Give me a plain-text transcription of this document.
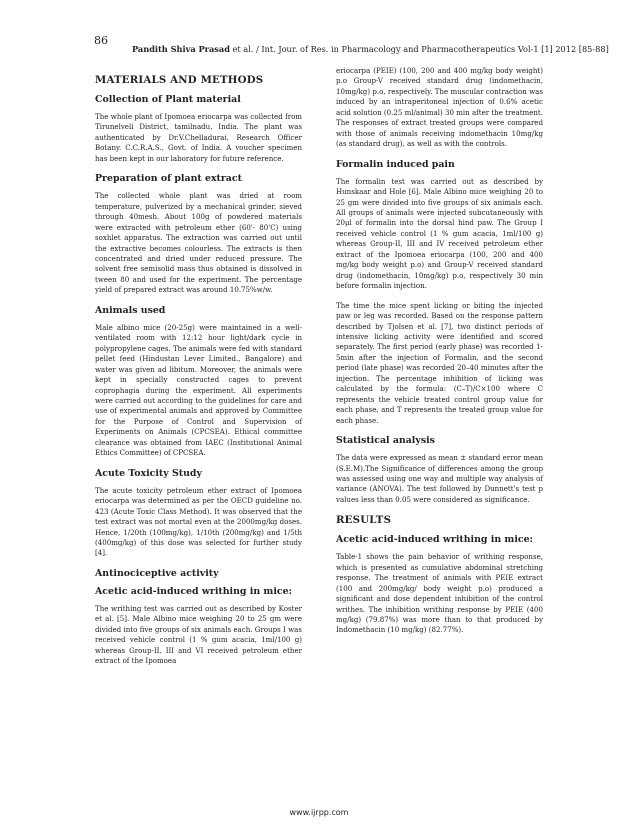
86
Pandith Shiva Prasad et al. / Int. Jour. of Res. in Pharmacology and Pharmacotherapeutics Vol-1 [1] 2012 [85-88]
MATERIALS AND METHODS
Collection of Plant material

The whole plant of Ipomoea eriocarpa was collected from Tirunelveli District, tamilnadu, India. The plant was authenticated by Dr.V.Chelladurai, Research Officer Botany. C.C.R.A.S., Govt. of India. A voucher specimen has been kept in our laboratory for future reference.

Preparation of plant extract

The collected whole plant was dried at room temperature, pulverized by a mechanical grinder, sieved through 40mesh. About 100g of powdered materials were extracted with petroleum ether (60'- 80'C) using soxhlet apparatus. The extraction was carried out until the extractive becomes colourless. The extracts is then concentrated and dried under reduced pressure. The solvent free semisolid mass thus obtained is dissolved in tween 80 and used for the experiment. The percentage yield of prepared extract was around 10.75%w/w.

Animals used

Male albino mice (20-25g) were maintained in a well-ventilated room with 12:12 hour light/dark cycle in polypropylene cages. The animals were fed with standard pellet feed (Hindustan Lever Limited., Bangalore) and water was given ad libitum. Moreover, the animals were kept in specially constructed cages to prevent coprophagia during the experiment. All experiments were carried out according to the guidelines for care and use of experimental animals and approved by Committee for the Purpose of Control and Supervision of Experiments on Animals (CPCSEA). Ethical committee clearance was obtained from IAEC (Institutional Animal Ethics Committee) of CPCSEA.

Acute Toxicity Study

The acute toxicity petroleum ether extract of Ipomoea eriocarpa was determined as per the OECD guideline no. 423 (Acute Toxic Class Method). It was observed that the test extract was not mortal even at the 2000mg/kg doses. Hence, 1/20th (100mg/kg), 1/10th (200mg/kg) and 1/5th (400mg/kg) of this dose was selected for further study [4].

Antinociceptive activity
Acetic acid-induced writhing in mice:

The writhing test was carried out as described by Koster et al. [5]. Male Albino mice weighing 20 to 25 gm were divided into five groups of six animals each. Groups I was received vehicle control (1 % gum acacia, 1ml/100 g) whereas Group-II, III and VI received petroleum ether extract of the Ipomoea

eriocarpa (PEIE) (100, 200 and 400 mg/kg body weight) p.o Group-V received standard drug (indomethacin, 10mg/kg) p.o, respectively. The muscular contraction was induced by an intraperitoneal injection of 0.6% acetic acid solution (0.25 ml/animal) 30 min after the treatment. The responses of extract treated groups were compared with those of animals receiving indomethacin 10mg/kg (as standard drug), as well as with the controls.

Formalin induced pain

The formalin test was carried out as described by Hunskaar and Hole [6]. Male Albino mice weighing 20 to 25 gm were divided into five groups of six animals each. All groups of animals were injected subcutaneously with 20μl of formalin into the dorsal hind paw. The Group I received vehicle control (1 % gum acacia, 1ml/100 g) whereas Group-II, III and IV received petroleum ether extract of the Ipomoea eriocarpa (100, 200 and 400 mg/kg body weight p.o) and Group-V received standard drug (indomethacin, 10mg/kg) p.o, respectively 30 min before formalin injection.

The time the mice spent licking or biting the injected paw or leg was recorded. Based on the response pattern described by Tjolsen et al. [7], two distinct periods of intensive licking activity were identified and scored separately. The first period (early phase) was recorded 1- 5min after the injection of Formalin, and the second period (late phase) was recorded 20–40 minutes after the injection. The percentage inhibition of licking was calculated by the formula: (C–T)/C×100 where C represents the vehicle treated control group value for each phase, and T represents the treated group value for each phase.

Statistical analysis

The data were expressed as mean ± standard error mean (S.E.M).The Significance of differences among the group was assessed using one way and multiple way analysis of variance (ANOVA). The test followed by Dunnett's test p values less than 0.05 were considered as significance.

RESULTS
Acetic acid-induced writhing in mice:

Table-1 shows the pain behavior of writhing response, which is presented as cumulative abdominal stretching response. The treatment of animals with PEIE extract (100 and 200mg/kg/ body weight p.o) produced a significant and dose dependent inhibition of the control writhes. The inhibition writhing response by PEIE (400 mg/kg) (79.87%) was more than to that produced by Indomethacin (10 mg/kg) (82.77%).

www.ijrpp.com
